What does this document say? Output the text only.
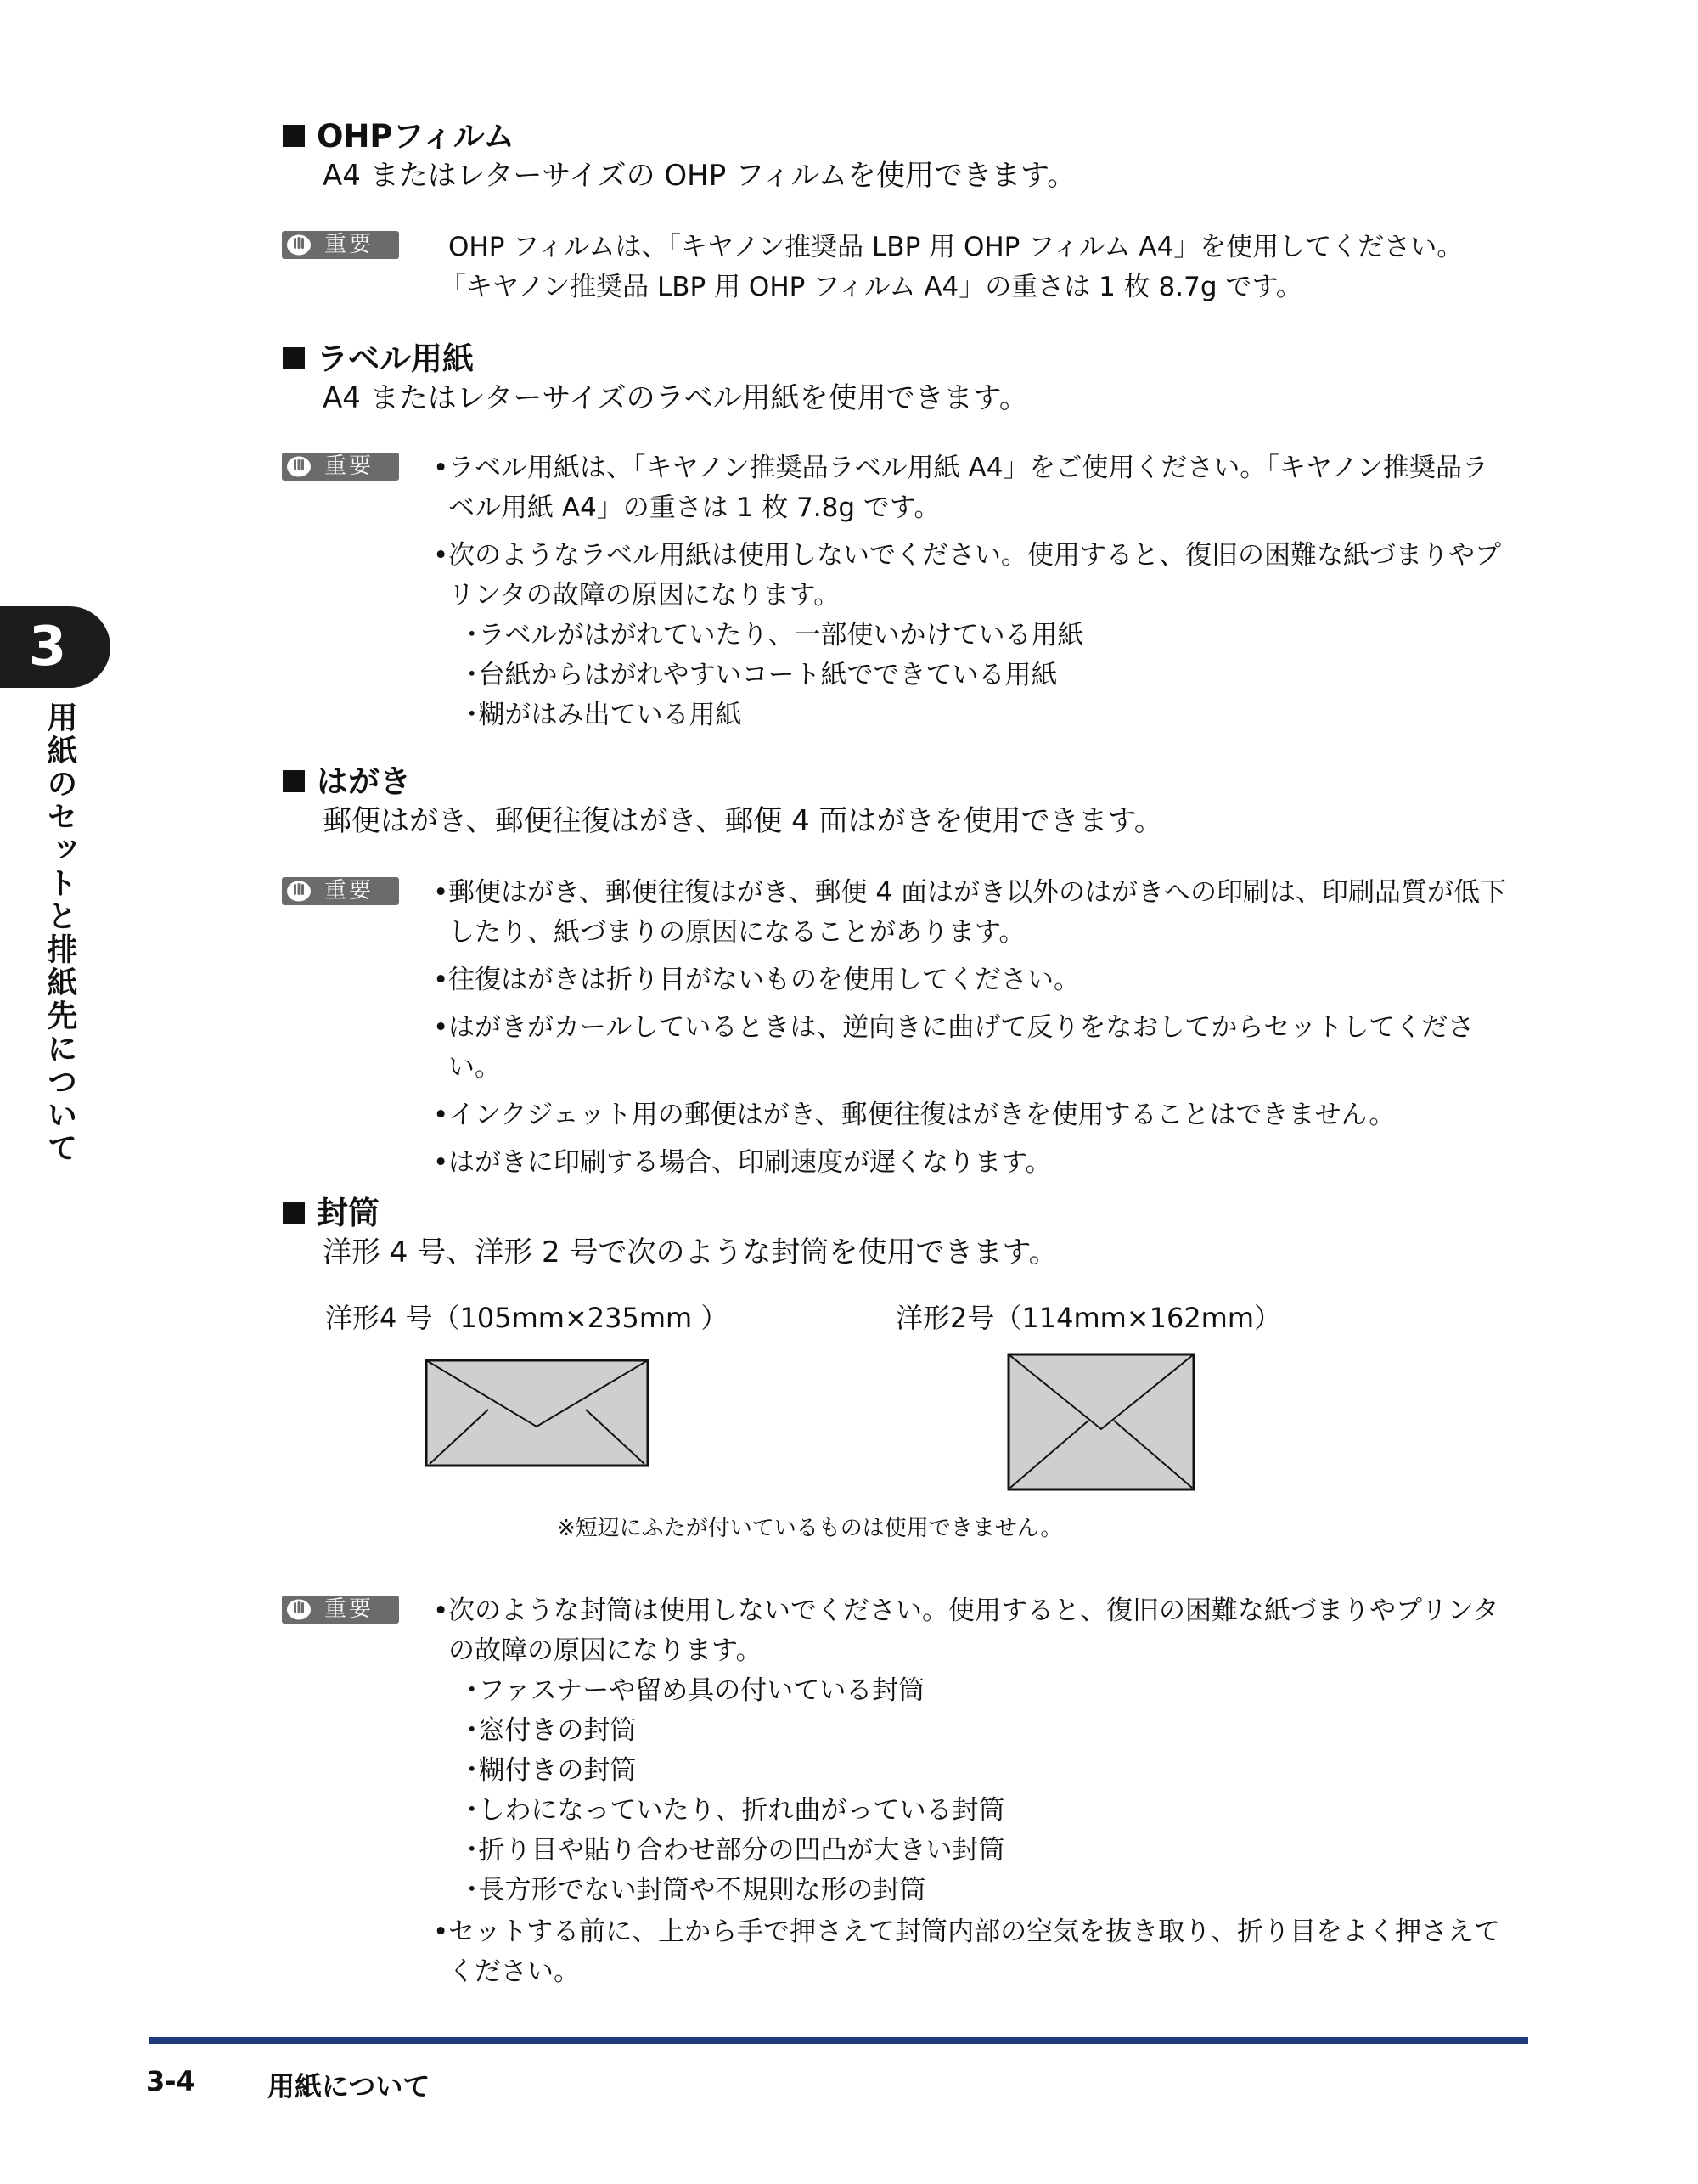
3
用紙のセットと排紙先について
OHPフィルム
A4 またはレターサイズの OHP フィルムを使用できます。
重要	OHP フィルムは、「キヤノン推奨品 LBP 用 OHP フィルム A4」を使用してください。
「キヤノン推奨品 LBP 用 OHP フィルム A4」の重さは 1 枚 8.7g です。
ラベル用紙
A4 またはレターサイズのラベル用紙を使用できます。
重要 • ラベル用紙は、「キヤノン推奨品ラベル用紙 A4」をご使用ください。「キヤノン推奨品ラ
ベル用紙 A4」の重さは 1 枚 7.8g です。
• 次のようなラベル用紙は使用しないでください。使用すると、復旧の困難な紙づまりやプ
リンタの故障の原因になります。
･ラベルがはがれていたり、一部使いかけている用紙
･台紙からはがれやすいコート紙でできている用紙
･糊がはみ出ている用紙
はがき
郵便はがき、郵便往復はがき、郵便 4 面はがきを使用できます。
重要 • 郵便はがき、郵便往復はがき、郵便 4 面はがき以外のはがきへの印刷は、印刷品質が低下
したり、紙づまりの原因になることがあります。
• 往復はがきは折り目がないものを使用してください。
• はがきがカールしているときは、逆向きに曲げて反りをなおしてからセットしてくださ
い。
• インクジェット用の郵便はがき、郵便往復はがきを使用することはできません。
• はがきに印刷する場合、印刷速度が遅くなります。
封筒
洋形 4 号、洋形 2 号で次のような封筒を使用できます。
洋形4 号（105mm×235mm ）	洋形2号（114mm×162mm）
※短辺にふたが付いているものは使用できません。
重要 • 次のような封筒は使用しないでください。使用すると、復旧の困難な紙づまりやプリンタ
の故障の原因になります。
･ファスナーや留め具の付いている封筒
･窓付きの封筒
･糊付きの封筒
･しわになっていたり、折れ曲がっている封筒
･折り目や貼り合わせ部分の凹凸が大きい封筒
･長方形でない封筒や不規則な形の封筒
• セットする前に、上から手で押さえて封筒内部の空気を抜き取り、折り目をよく押さえて
ください。
3-4	用紙について
